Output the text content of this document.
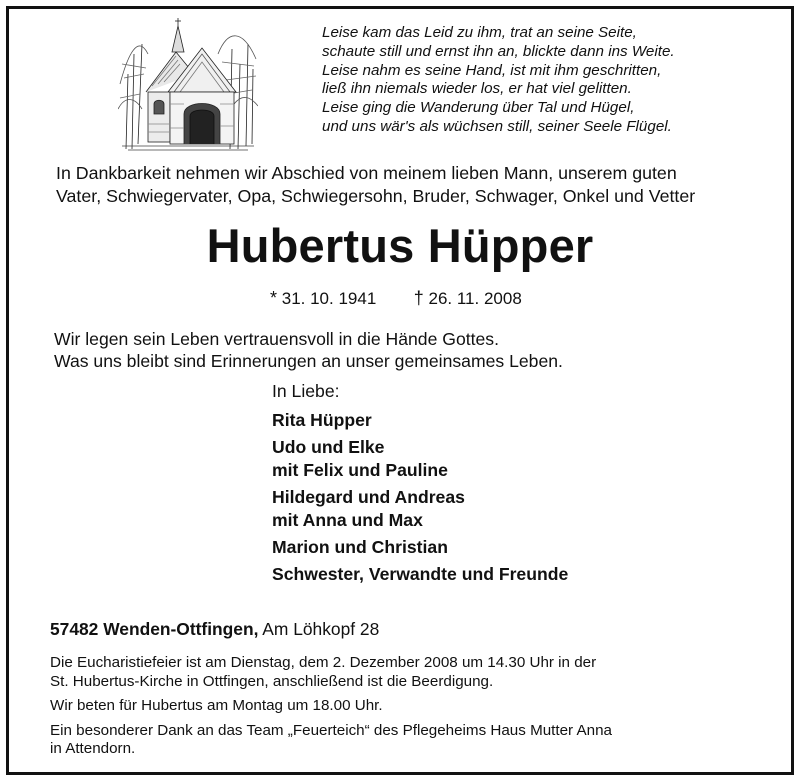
Leise kam das Leid zu ihm, trat an seine Seite,
schaute still und ernst ihn an, blickte dann ins Weite.
Leise nahm es seine Hand, ist mit ihm geschritten,
ließ ihn niemals wieder los, er hat viel gelitten.
Leise ging die Wanderung über Tal und Hügel,
und uns wär's als wüchsen still, seiner Seele Flügel.
In Dankbarkeit nehmen wir Abschied von meinem lieben Mann, unserem guten
Vater, Schwiegervater, Opa, Schwiegersohn, Bruder, Schwager, Onkel und Vetter
Hubertus Hüpper
* 31. 10. 1941 † 26. 11. 2008
Wir legen sein Leben vertrauensvoll in die Hände Gottes.
Was uns bleibt sind Erinnerungen an unser gemeinsames Leben.
In Liebe:
Rita Hüpper
Udo und Elke
mit Felix und Pauline
Hildegard und Andreas
mit Anna und Max
Marion und Christian
Schwester, Verwandte und Freunde
57482 Wenden-Ottfingen, Am Löhkopf 28

Die Eucharistiefeier ist am Dienstag, dem 2. Dezember 2008 um 14.30 Uhr in der
St. Hubertus-Kirche in Ottfingen, anschließend ist die Beerdigung.

Wir beten für Hubertus am Montag um 18.00 Uhr.

Ein besonderer Dank an das Team „Feuerteich“ des Pflegeheims Haus Mutter Anna
in Attendorn.
